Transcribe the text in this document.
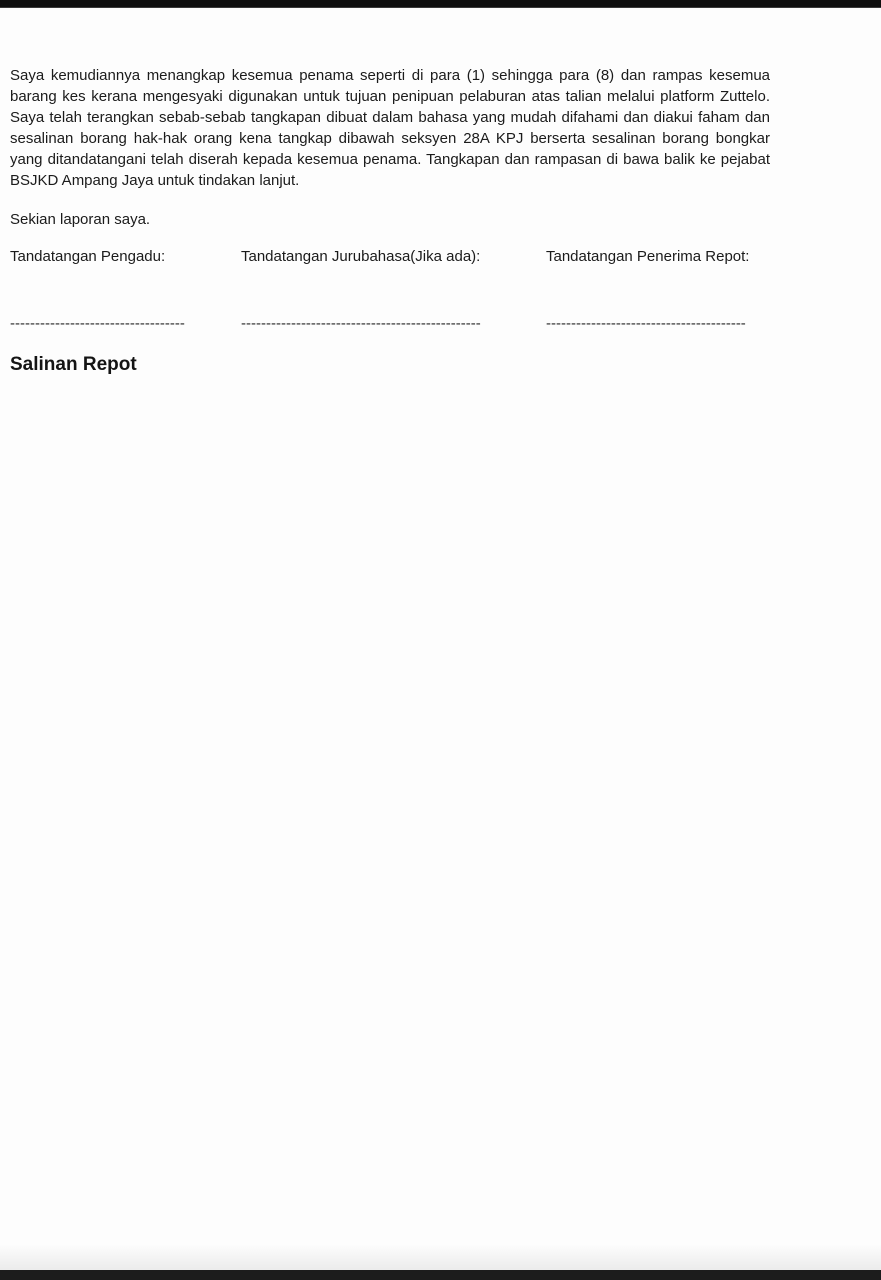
Saya kemudiannya menangkap kesemua penama seperti di para (1) sehingga para (8) dan rampas kesemua barang kes kerana mengesyaki digunakan untuk tujuan penipuan pelaburan atas talian melalui platform Zuttelo. Saya telah terangkan sebab-sebab tangkapan dibuat dalam bahasa yang mudah difahami dan diakui faham dan sesalinan borang hak-hak orang kena tangkap dibawah seksyen 28A KPJ berserta sesalinan borang bongkar yang ditandatangani telah diserah kepada kesemua penama. Tangkapan dan rampasan di bawa balik ke pejabat BSJKD Ampang Jaya untuk tindakan lanjut.

Sekian laporan saya.

Tandatangan Pengadu:	Tandatangan Jurubahasa(Jika ada):	Tandatangan Penerima Repot:
-----------------------------------	------------------------------------------------	----------------------------------------
Salinan Repot
